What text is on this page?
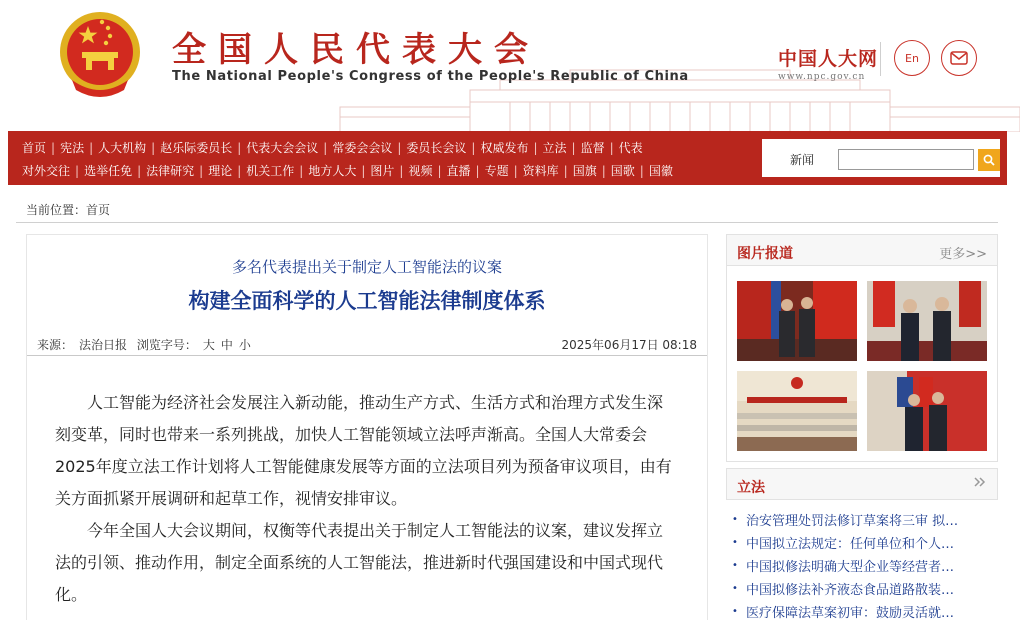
全国人民代表大会
The National People's Congress of the People's Republic of China
中国人大网
www.npc.gov.cn
En
首页 | 宪法 | 人大机构 | 赵乐际委员长 | 代表大会会议 | 常委会会议 | 委员长会议 | 权威发布 | 立法 | 监督 | 代表
对外交往 | 选举任免 | 法律研究 | 理论 | 机关工作 | 地方人大 | 图片 | 视频 | 直播 | 专题 | 资料库 | 国旗 | 国歌 | 国徽
新闻
当前位置：首页
多名代表提出关于制定人工智能法的议案
构建全面科学的人工智能法律制度体系
来源： 法治日报 浏览字号： 大 中 小	2025年06月17日 08:18

人工智能为经济社会发展注入新动能，推动生产方式、生活方式和治理方式发生深刻变革，同时也带来一系列挑战，加快人工智能领域立法呼声渐高。全国人大常委会2025年度立法工作计划将人工智能健康发展等方面的立法项目列为预备审议项目，由有关方面抓紧开展调研和起草工作，视情安排审议。

今年全国人大会议期间，权衡等代表提出关于制定人工智能法的议案，建议发挥立法的引领、推动作用，制定全面系统的人工智能法，推进新时代强国建设和中国式现代化。

图片报道	更多>>
立法
• 治安管理处罚法修订草案将三审 拟…
• 中国拟立法规定：任何单位和个人…
• 中国拟修法明确大型企业等经营者…
• 中国拟修法补齐液态食品道路散装…
• 医疗保障法草案初审：鼓励灵活就…
